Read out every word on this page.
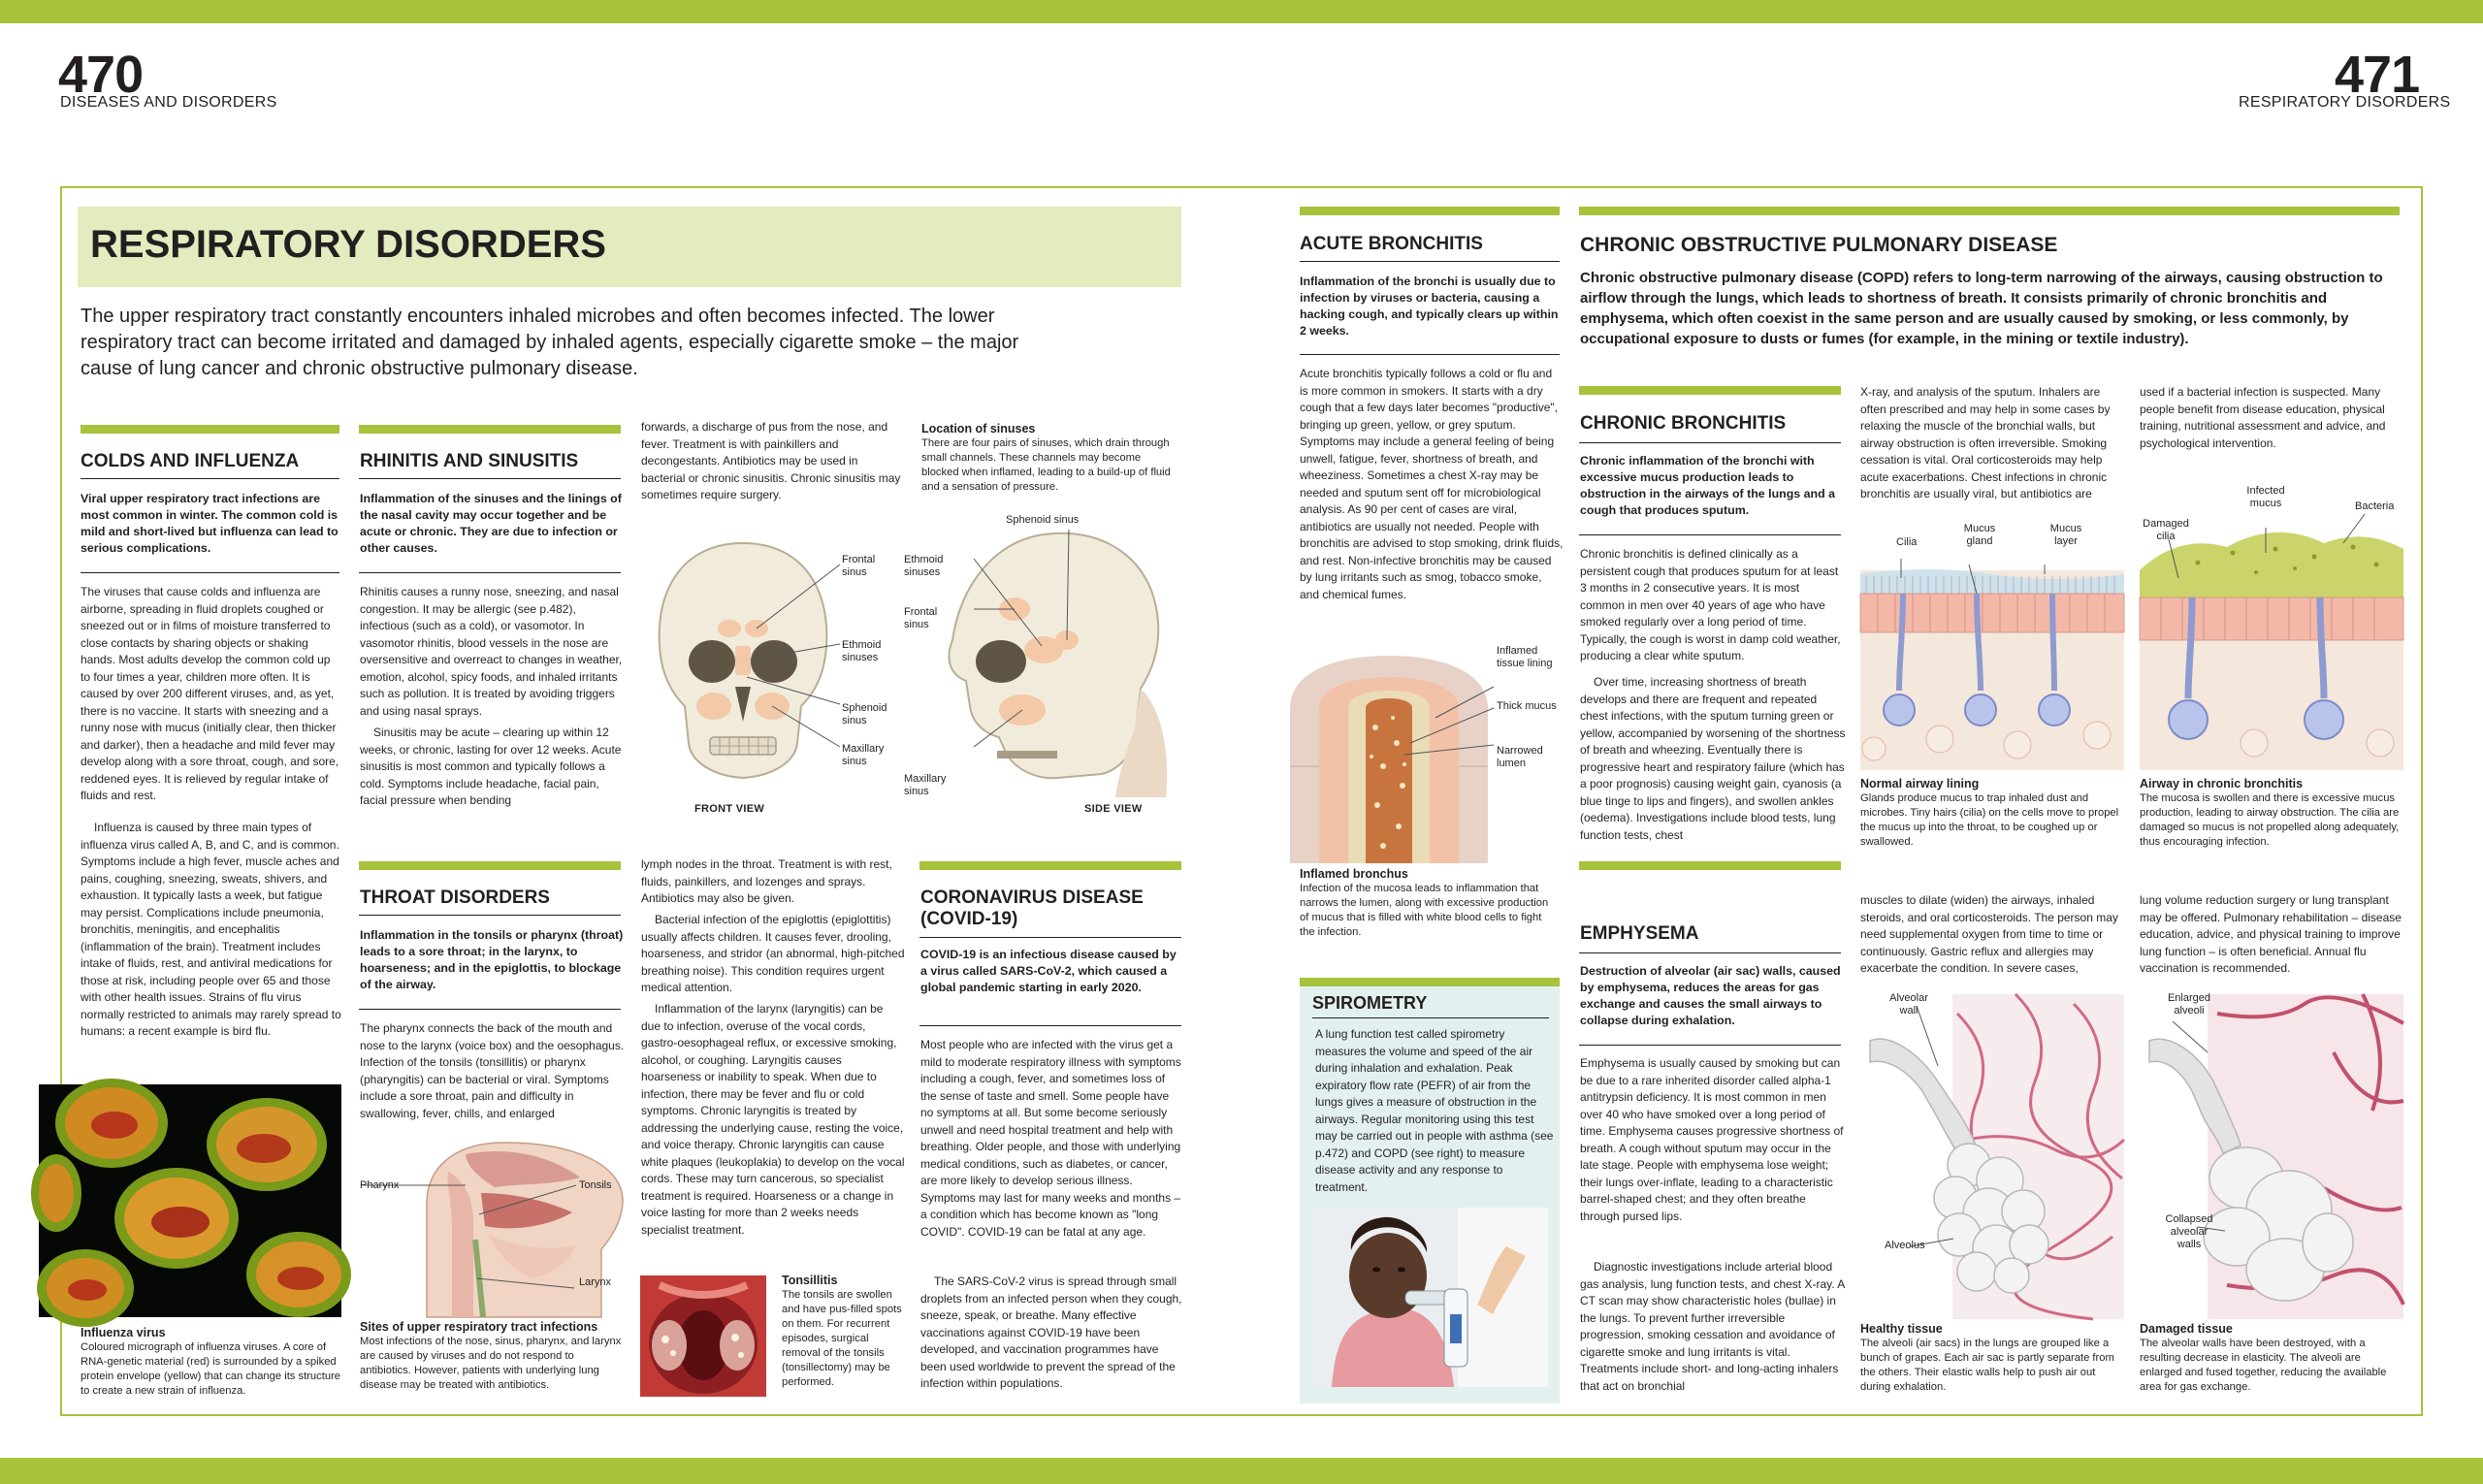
470
DISEASES AND DISORDERS	471
RESPIRATORY DISORDERS
RESPIRATORY DISORDERS
The upper respiratory tract constantly encounters inhaled microbes and often becomes infected. The lower respiratory tract can become irritated and damaged by inhaled agents, especially cigarette smoke – the major cause of lung cancer and chronic obstructive pulmonary disease.
COLDS AND INFLUENZA
Viral upper respiratory tract infections are most common in winter. The common cold is mild and short-lived but influenza can lead to serious complications.
The viruses that cause colds and influenza are airborne, spreading in fluid droplets coughed or sneezed out or in films of moisture transferred to close contacts by sharing objects or shaking hands. Most adults develop the common cold up to four times a year, children more often. It is caused by over 200 different viruses, and, as yet, there is no vaccine. It starts with sneezing and a runny nose with mucus (initially clear, then thicker and darker), then a headache and mild fever may develop along with a sore throat, cough, and sore, reddened eyes. It is relieved by regular intake of fluids and rest.
Influenza is caused by three main types of influenza virus called A, B, and C, and is common. Symptoms include a high fever, muscle aches and pains, coughing, sneezing, sweats, shivers, and exhaustion. It typically lasts a week, but fatigue may persist. Complications include pneumonia, bronchitis, meningitis, and encephalitis (inflammation of the brain). Treatment includes intake of fluids, rest, and antiviral medications for those at risk, including people over 65 and those with other health issues. Strains of flu virus normally restricted to animals may rarely spread to humans: a recent example is bird flu.
Influenza virus
Coloured micrograph of influenza viruses. A core of RNA-genetic material (red) is surrounded by a spiked protein envelope (yellow) that can change its structure to create a new strain of influenza.
RHINITIS AND SINUSITIS
Inflammation of the sinuses and the linings of the nasal cavity may occur together and be acute or chronic. They are due to infection or other causes.
Rhinitis causes a runny nose, sneezing, and nasal congestion. It may be allergic (see p.482), infectious (such as a cold), or vasomotor. In vasomotor rhinitis, blood vessels in the nose are oversensitive and overreact to changes in weather, emotion, alcohol, spicy foods, and inhaled irritants such as pollution. It is treated by avoiding triggers and using nasal sprays.
Sinusitis may be acute – clearing up within 12 weeks, or chronic, lasting for over 12 weeks. Acute sinusitis is most common and typically follows a cold. Symptoms include headache, facial pain, facial pressure when bending
forwards, a discharge of pus from the nose, and fever. Treatment is with painkillers and decongestants. Antibiotics may be used in bacterial or chronic sinusitis. Chronic sinusitis may sometimes require surgery.
Location of sinuses
There are four pairs of sinuses, which drain through small channels. These channels may become blocked when inflamed, leading to a build-up of fluid and a sensation of pressure.
Frontal sinus
Ethmoid sinuses
Sphenoid sinus
Maxillary sinus
FRONT VIEW
Sphenoid sinus
Ethmoid sinuses
Frontal sinus
Maxillary sinus
SIDE VIEW
THROAT DISORDERS
Inflammation in the tonsils or pharynx (throat) leads to a sore throat; in the larynx, to hoarseness; and in the epiglottis, to blockage of the airway.
The pharynx connects the back of the mouth and nose to the larynx (voice box) and the oesophagus. Infection of the tonsils (tonsillitis) or pharynx (pharyngitis) can be bacterial or viral. Symptoms include a sore throat, pain and difficulty in swallowing, fever, chills, and enlarged
lymph nodes in the throat. Treatment is with rest, fluids, painkillers, and lozenges and sprays. Antibiotics may also be given.
Bacterial infection of the epiglottis (epiglottitis) usually affects children. It causes fever, drooling, hoarseness, and stridor (an abnormal, high-pitched breathing noise). This condition requires urgent medical attention.
Inflammation of the larynx (laryngitis) can be due to infection, overuse of the vocal cords, gastro-oesophageal reflux, or excessive smoking, alcohol, or coughing. Laryngitis causes hoarseness or inability to speak. When due to infection, there may be fever and flu or cold symptoms. Chronic laryngitis is treated by addressing the underlying cause, resting the voice, and voice therapy. Chronic laryngitis can cause white plaques (leukoplakia) to develop on the vocal cords. These may turn cancerous, so specialist treatment is required. Hoarseness or a change in voice lasting for more than 2 weeks needs specialist treatment.
Pharynx	Tonsils
Larynx
Sites of upper respiratory tract infections
Most infections of the nose, sinus, pharynx, and larynx are caused by viruses and do not respond to antibiotics. However, patients with underlying lung disease may be treated with antibiotics.
Tonsillitis
The tonsils are swollen and have pus-filled spots on them. For recurrent episodes, surgical removal of the tonsils (tonsillectomy) may be performed.
CORONAVIRUS DISEASE (COVID-19)
COVID-19 is an infectious disease caused by a virus called SARS-CoV-2, which caused a global pandemic starting in early 2020.
Most people who are infected with the virus get a mild to moderate respiratory illness with symptoms including a cough, fever, and sometimes loss of the sense of taste and smell. Some people have no symptoms at all. But some become seriously unwell and need hospital treatment and help with breathing. Older people, and those with underlying medical conditions, such as diabetes, or cancer, are more likely to develop serious illness. Symptoms may last for many weeks and months – a condition which has become known as "long COVID". COVID-19 can be fatal at any age.
The SARS-CoV-2 virus is spread through small droplets from an infected person when they cough, sneeze, speak, or breathe. Many effective vaccinations against COVID-19 have been developed, and vaccination programmes have been used worldwide to prevent the spread of the infection within populations.
ACUTE BRONCHITIS
Inflammation of the bronchi is usually due to infection by viruses or bacteria, causing a hacking cough, and typically clears up within 2 weeks.
Acute bronchitis typically follows a cold or flu and is more common in smokers. It starts with a dry cough that a few days later becomes "productive", bringing up green, yellow, or grey sputum. Symptoms may include a general feeling of being unwell, fatigue, fever, shortness of breath, and wheeziness. Sometimes a chest X-ray may be needed and sputum sent off for microbiological analysis. As 90 per cent of cases are viral, antibiotics are usually not needed. People with bronchitis are advised to stop smoking, drink fluids, and rest. Non-infective bronchitis may be caused by lung irritants such as smog, tobacco smoke, and chemical fumes.
Inflamed tissue lining
Thick mucus
Narrowed lumen
Inflamed bronchus
Infection of the mucosa leads to inflammation that narrows the lumen, along with excessive production of mucus that is filled with white blood cells to fight the infection.
SPIROMETRY
A lung function test called spirometry measures the volume and speed of the air during inhalation and exhalation. Peak expiratory flow rate (PEFR) of air from the lungs gives a measure of obstruction in the airways. Regular monitoring using this test may be carried out in people with asthma (see p.472) and COPD (see right) to measure disease activity and any response to treatment.
CHRONIC OBSTRUCTIVE PULMONARY DISEASE
Chronic obstructive pulmonary disease (COPD) refers to long-term narrowing of the airways, causing obstruction to airflow through the lungs, which leads to shortness of breath. It consists primarily of chronic bronchitis and emphysema, which often coexist in the same person and are usually caused by smoking, or less commonly, by occupational exposure to dusts or fumes (for example, in the mining or textile industry).
CHRONIC BRONCHITIS
Chronic inflammation of the bronchi with excessive mucus production leads to obstruction in the airways of the lungs and a cough that produces sputum.
Chronic bronchitis is defined clinically as a persistent cough that produces sputum for at least 3 months in 2 consecutive years. It is most common in men over 40 years of age who have smoked regularly over a long period of time. Typically, the cough is worst in damp cold weather, producing a clear white sputum.
Over time, increasing shortness of breath develops and there are frequent and repeated chest infections, with the sputum turning green or yellow, accompanied by worsening of the shortness of breath and wheezing. Eventually there is progressive heart and respiratory failure (which has a poor prognosis) causing weight gain, cyanosis (a blue tinge to lips and fingers), and swollen ankles (oedema). Investigations include blood tests, lung function tests, chest
X-ray, and analysis of the sputum. Inhalers are often prescribed and may help in some cases by relaxing the muscle of the bronchial walls, but airway obstruction is often irreversible. Smoking cessation is vital. Oral corticosteroids may help acute exacerbations. Chest infections in chronic bronchitis are usually viral, but antibiotics are
used if a bacterial infection is suspected. Many people benefit from disease education, physical training, nutritional assessment and advice, and psychological intervention.
Cilia
Mucus gland
Mucus layer
Normal airway lining
Glands produce mucus to trap inhaled dust and microbes. Tiny hairs (cilia) on the cells move to propel the mucus up into the throat, to be coughed up or swallowed.
Damaged cilia
Infected mucus	Bacteria
Airway in chronic bronchitis
The mucosa is swollen and there is excessive mucus production, leading to airway obstruction. The cilia are damaged so mucus is not propelled along adequately, thus encouraging infection.
EMPHYSEMA
Destruction of alveolar (air sac) walls, caused by emphysema, reduces the areas for gas exchange and causes the small airways to collapse during exhalation.
Emphysema is usually caused by smoking but can be due to a rare inherited disorder called alpha-1 antitrypsin deficiency. It is most common in men over 40 who have smoked over a long period of time. Emphysema causes progressive shortness of breath. A cough without sputum may occur in the late stage. People with emphysema lose weight; their lungs over-inflate, leading to a characteristic barrel-shaped chest; and they often breathe through pursed lips.
Diagnostic investigations include arterial blood gas analysis, lung function tests, and chest X-ray. A CT scan may show characteristic holes (bullae) in the lungs. To prevent further irreversible progression, smoking cessation and avoidance of cigarette smoke and lung irritants is vital. Treatments include short- and long-acting inhalers that act on bronchial
muscles to dilate (widen) the airways, inhaled steroids, and oral corticosteroids. The person may need supplemental oxygen from time to time or continuously. Gastric reflux and allergies may exacerbate the condition. In severe cases,
lung volume reduction surgery or lung transplant may be offered. Pulmonary rehabilitation – disease education, advice, and physical training to improve lung function – is often beneficial. Annual flu vaccination is recommended.
Alveolar wall
Alveolus
Healthy tissue
The alveoli (air sacs) in the lungs are grouped like a bunch of grapes. Each air sac is partly separate from the others. Their elastic walls help to push air out during exhalation.
Enlarged alveoli
Collapsed alveolar walls
Damaged tissue
The alveolar walls have been destroyed, with a resulting decrease in elasticity. The alveoli are enlarged and fused together, reducing the available area for gas exchange.
